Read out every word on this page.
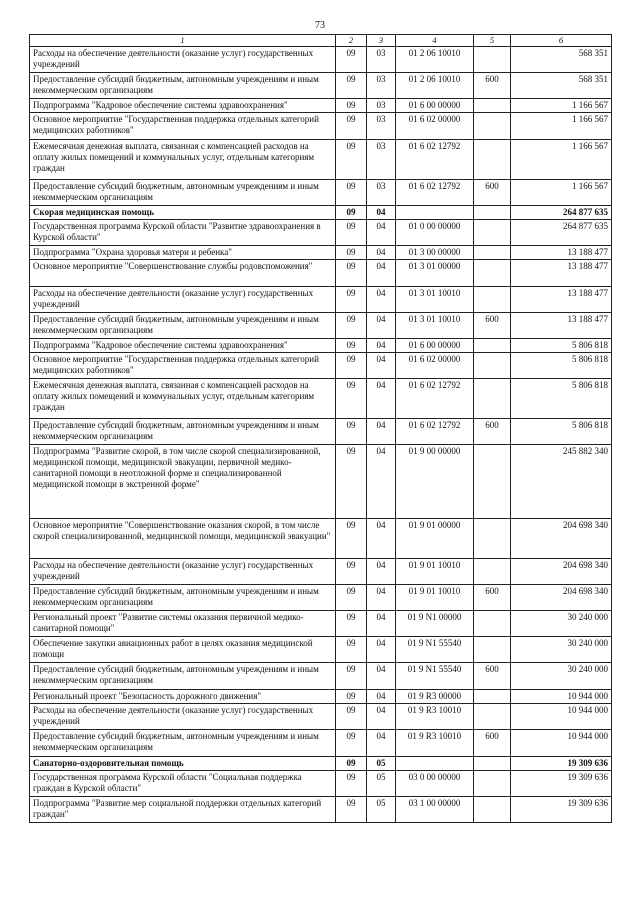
73
1	2	3	4	5	6
Расходы на обеспечение деятельности (оказание услуг) государственных учреждений	09	03	01 2 06 10010		568 351
Предоставление субсидий бюджетным, автономным учреждениям и иным некоммерческим организациям	09	03	01 2 06 10010	600	568 351
Подпрограмма "Кадровое обеспечение системы здравоохранения"	09	03	01 6 00 00000		1 166 567
Основное мероприятие "Государственная поддержка отдельных категорий медицинских работников"	09	03	01 6 02 00000		1 166 567
Ежемесячная денежная выплата, связанная с компенсацией расходов на оплату жилых помещений и коммунальных услуг, отдельным категориям граждан	09	03	01 6 02 12792		1 166 567
Предоставление субсидий бюджетным, автономным учреждениям и иным некоммерческим организациям	09	03	01 6 02 12792	600	1 166 567
Скорая медицинская помощь	09	04			264 877 635
Государственная программа Курской области "Развитие здравоохранения в Курской области"	09	04	01 0 00 00000		264 877 635
Подпрограмма "Охрана здоровья матери и ребенка"	09	04	01 3 00 00000		13 188 477
Основное мероприятие "Совершенствование службы родовспоможения"	09	04	01 3 01 00000		13 188 477
Расходы на обеспечение деятельности (оказание услуг) государственных учреждений	09	04	01 3 01 10010		13 188 477
Предоставление субсидий бюджетным, автономным учреждениям и иным некоммерческим организациям	09	04	01 3 01 10010	600	13 188 477
Подпрограмма "Кадровое обеспечение системы здравоохранения"	09	04	01 6 00 00000		5 806 818
Основное мероприятие "Государственная поддержка отдельных категорий медицинских работников"	09	04	01 6 02 00000		5 806 818
Ежемесячная денежная выплата, связанная с компенсацией расходов на оплату жилых помещений и коммунальных услуг, отдельным категориям граждан	09	04	01 6 02 12792		5 806 818
Предоставление субсидий бюджетным, автономным учреждениям и иным некоммерческим организациям	09	04	01 6 02 12792	600	5 806 818
Подпрограмма "Развитие скорой, в том числе скорой специализированной, медицинской помощи, медицинской эвакуации, первичной медико-санитарной помощи в неотложной форме и специализированной медицинской помощи в экстренной форме"	09	04	01 9 00 00000		245 882 340
Основное мероприятие "Совершенствование оказания скорой, в том числе скорой специализированной, медицинской помощи, медицинской эвакуации"	09	04	01 9 01 00000		204 698 340
Расходы на обеспечение деятельности (оказание услуг) государственных учреждений	09	04	01 9 01 10010		204 698 340
Предоставление субсидий бюджетным, автономным учреждениям и иным некоммерческим организациям	09	04	01 9 01 10010	600	204 698 340
Региональный проект "Развитие системы оказания первичной медико-санитарной помощи"	09	04	01 9 N1 00000		30 240 000
Обеспечение закупки авиационных работ в целях оказания медицинской помощи	09	04	01 9 N1 55540		30 240 000
Предоставление субсидий бюджетным, автономным учреждениям и иным некоммерческим организациям	09	04	01 9 N1 55540	600	30 240 000
Региональный проект "Безопасность дорожного движения"	09	04	01 9 R3 00000		10 944 000
Расходы на обеспечение деятельности (оказание услуг) государственных учреждений	09	04	01 9 R3 10010		10 944 000
Предоставление субсидий бюджетным, автономным учреждениям и иным некоммерческим организациям	09	04	01 9 R3 10010	600	10 944 000
Санаторно-оздоровительная помощь	09	05			19 309 636
Государственная программа Курской области "Социальная поддержка граждан в Курской области"	09	05	03 0 00 00000		19 309 636
Подпрограмма "Развитие мер социальной поддержки отдельных категорий граждан"	09	05	03 1 00 00000		19 309 636
